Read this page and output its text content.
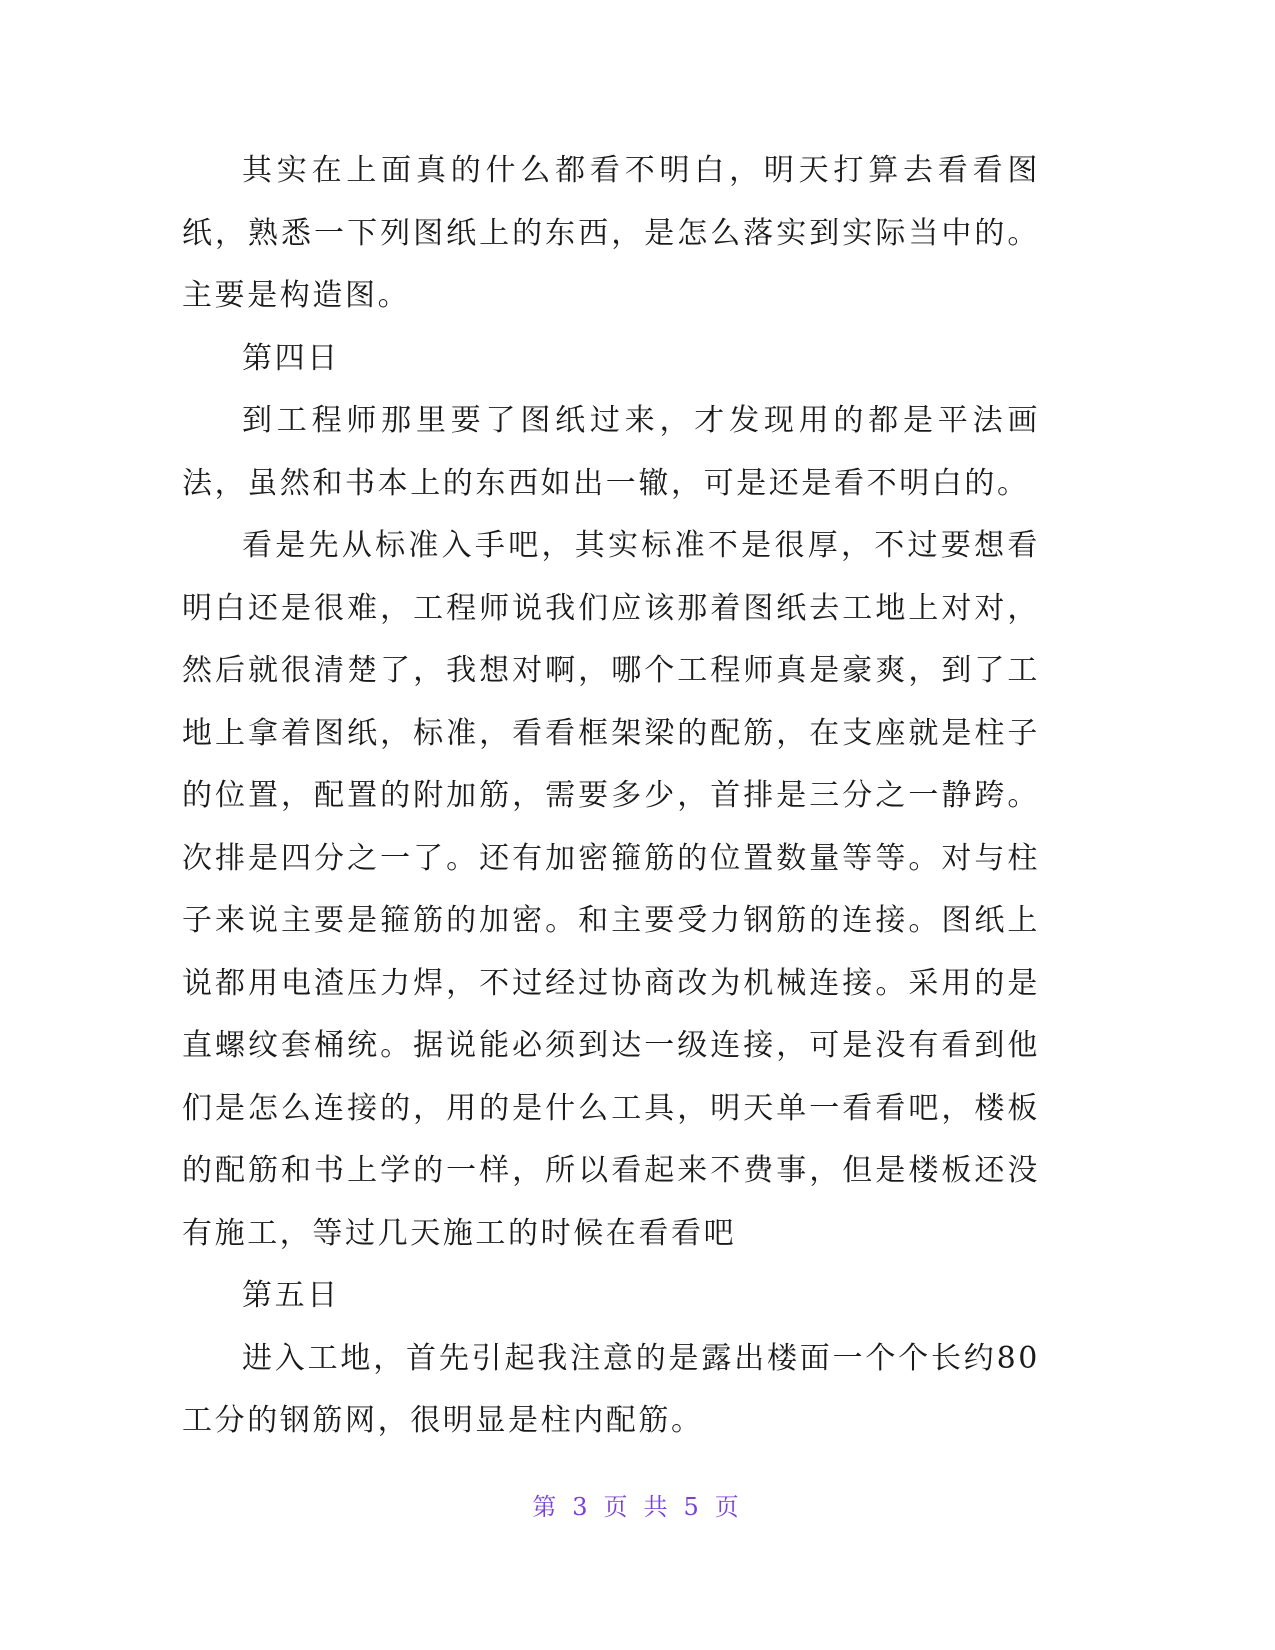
其实在上面真的什么都看不明白，明天打算去看看图纸，熟悉一下列图纸上的东西，是怎么落实到实际当中的。主要是构造图。

第四日

到工程师那里要了图纸过来，才发现用的都是平法画法，虽然和书本上的东西如出一辙，可是还是看不明白的。

看是先从标准入手吧，其实标准不是很厚，不过要想看明白还是很难，工程师说我们应该那着图纸去工地上对对，然后就很清楚了，我想对啊，哪个工程师真是豪爽，到了工地上拿着图纸，标准，看看框架梁的配筋，在支座就是柱子的位置，配置的附加筋，需要多少，首排是三分之一静跨。次排是四分之一了。还有加密箍筋的位置数量等等。对与柱子来说主要是箍筋的加密。和主要受力钢筋的连接。图纸上说都用电渣压力焊，不过经过协商改为机械连接。采用的是直螺纹套桶统。据说能必须到达一级连接，可是没有看到他们是怎么连接的，用的是什么工具，明天单一看看吧，楼板的配筋和书上学的一样，所以看起来不费事，但是楼板还没有施工，等过几天施工的时候在看看吧

第五日

进入工地，首先引起我注意的是露出楼面一个个长约80工分的钢筋网，很明显是柱内配筋。

第 3 页 共 5 页
